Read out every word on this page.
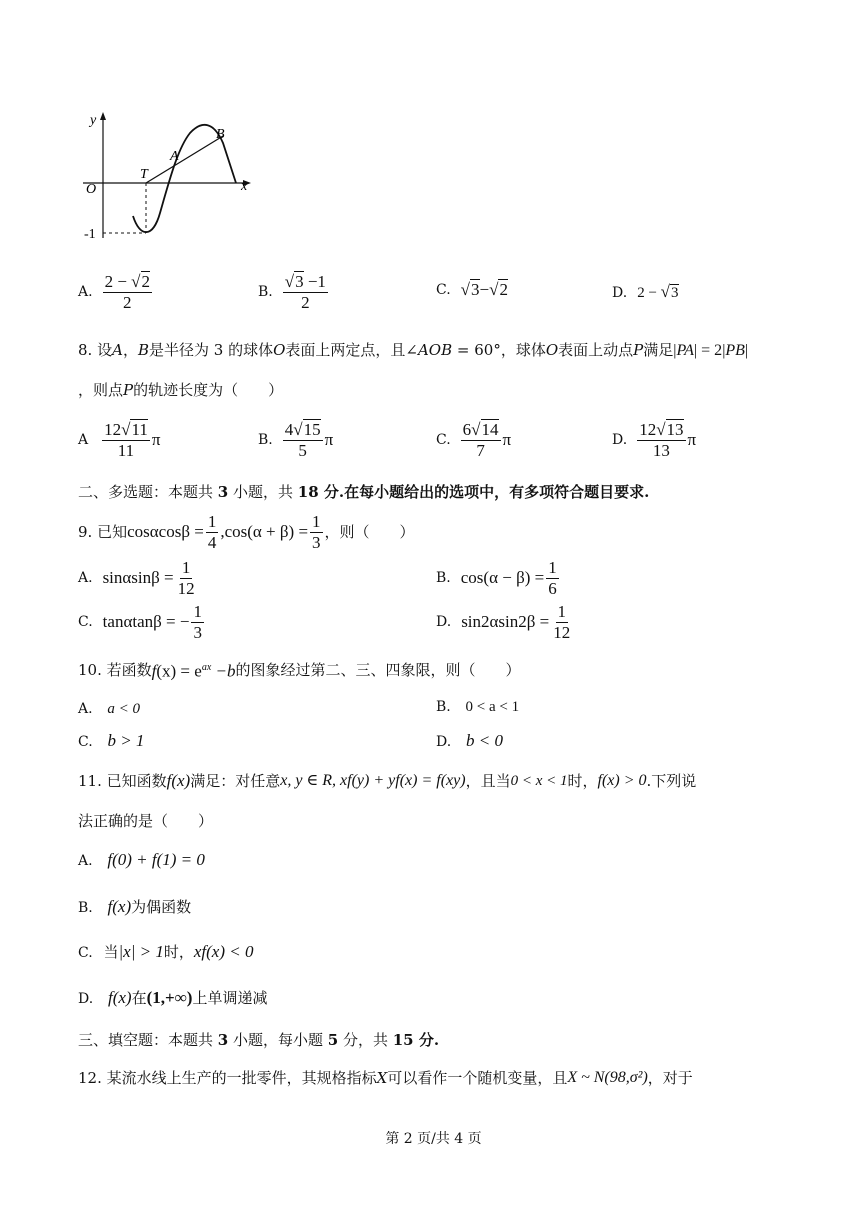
y
x
O
T
A
B
-1
A. $\frac{2 - √2}{2}$	B. $\frac{√3 -1}{2}$	C. √3−√2	D. 2 − √3
8. 设A，B是半径为 3 的球体O表面上两定点，且∠AOB = 60°，球体O表面上动点P满足|PA| = 2|PB|
，则点P的轨迹长度为（　　）
A $\frac{12√11}{11}$ π	B. $\frac{4√15}{5}$ π	C. $\frac{6√14}{7}$ π	D. $\frac{12√13}{13}$ π
二、多选题：本题共 3 小题，共 18 分.在每小题给出的选项中，有多项符合题目要求.
9. 已知 $\cos\alpha\cos\beta = \frac{1}{4} ,\cos(\alpha + \beta) = \frac{1}{3}$ ，则（　　）
A. $\sin\alpha\sin\beta = \frac{1}{12}$	B. $\cos(\alpha - \beta) = \frac{1}{6}$
C. tanαtanβ = − $\frac{1}{3}$	D. $\sin 2\alpha\sin 2\beta = \frac{1}{12}$
10. 若函数 $f(x) = e^{ax} -b$ 的图象经过第二、三、四象限，则（　　）
A. a < 0	B. 0 < a < 1
C. b > 1	D. b < 0
11. 已知函数 f(x) 满足：对任意 x, y ∈ R, xf(y) + yf(x) = f(xy) ，且当 0 < x < 1 时， f(x) > 0 .下列说
法正确的是（　　）
A. f(0) + f(1) = 0
B. f(x)为偶函数
C. 当|x| > 1时，xf(x) < 0
D. f(x)在(1,+∞)上单调递减
三、填空题：本题共 3 小题，每小题 5 分，共 15 分.
12. 某流水线上生产的一批零件，其规格指标 X 可以看作一个随机变量，且 X ~ N(98,σ²) ，对于
第 2 页/共 4 页
